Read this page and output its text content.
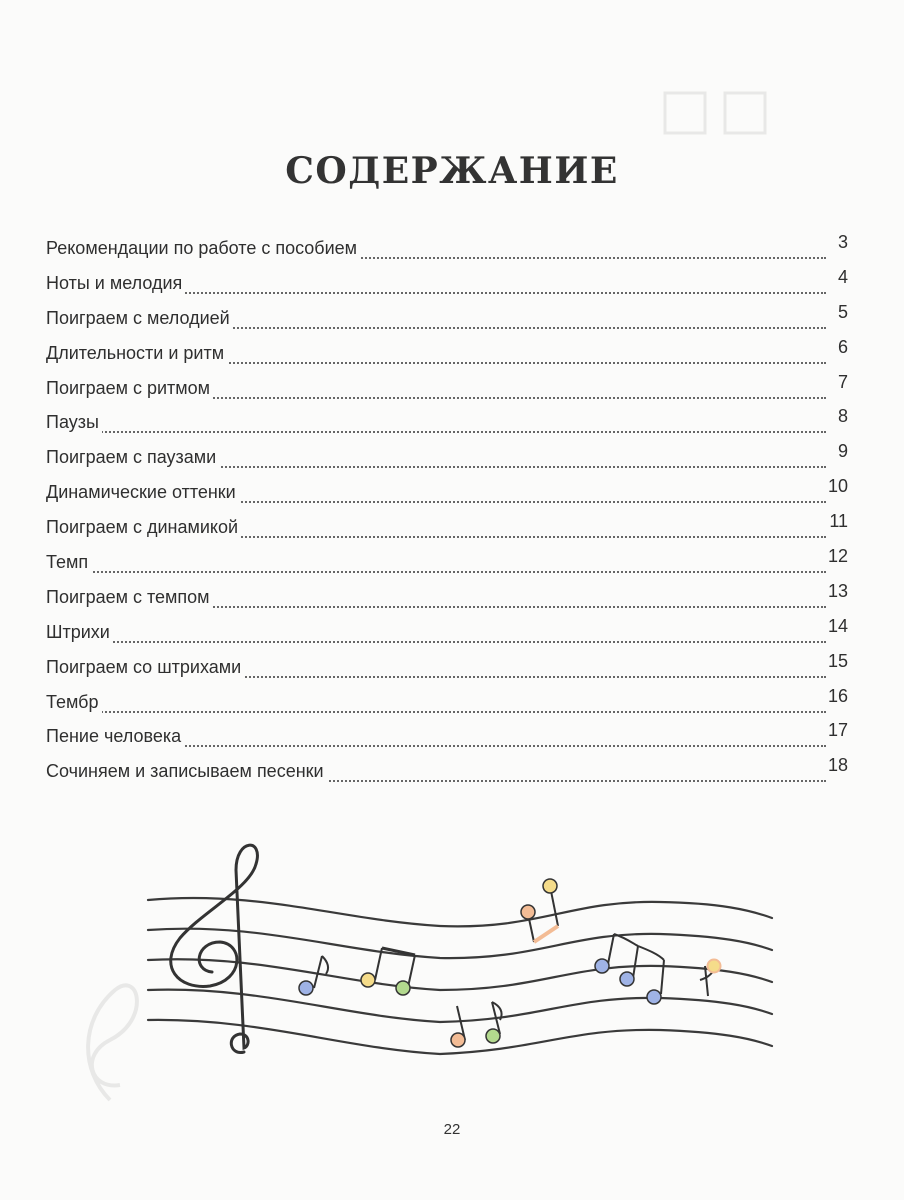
СОДЕРЖАНИЕ
Рекомендации по работе с пособием	3
Ноты и мелодия	4
Поиграем с мелодией	5
Длительности и ритм	6
Поиграем с ритмом	7
Паузы	8
Поиграем с паузами	9
Динамические оттенки	10
Поиграем с динамикой	11
Темп	12
Поиграем с темпом	13
Штрихи	14
Поиграем со штрихами	15
Тембр	16
Пение человека	17
Сочиняем и записываем песенки	18
22
